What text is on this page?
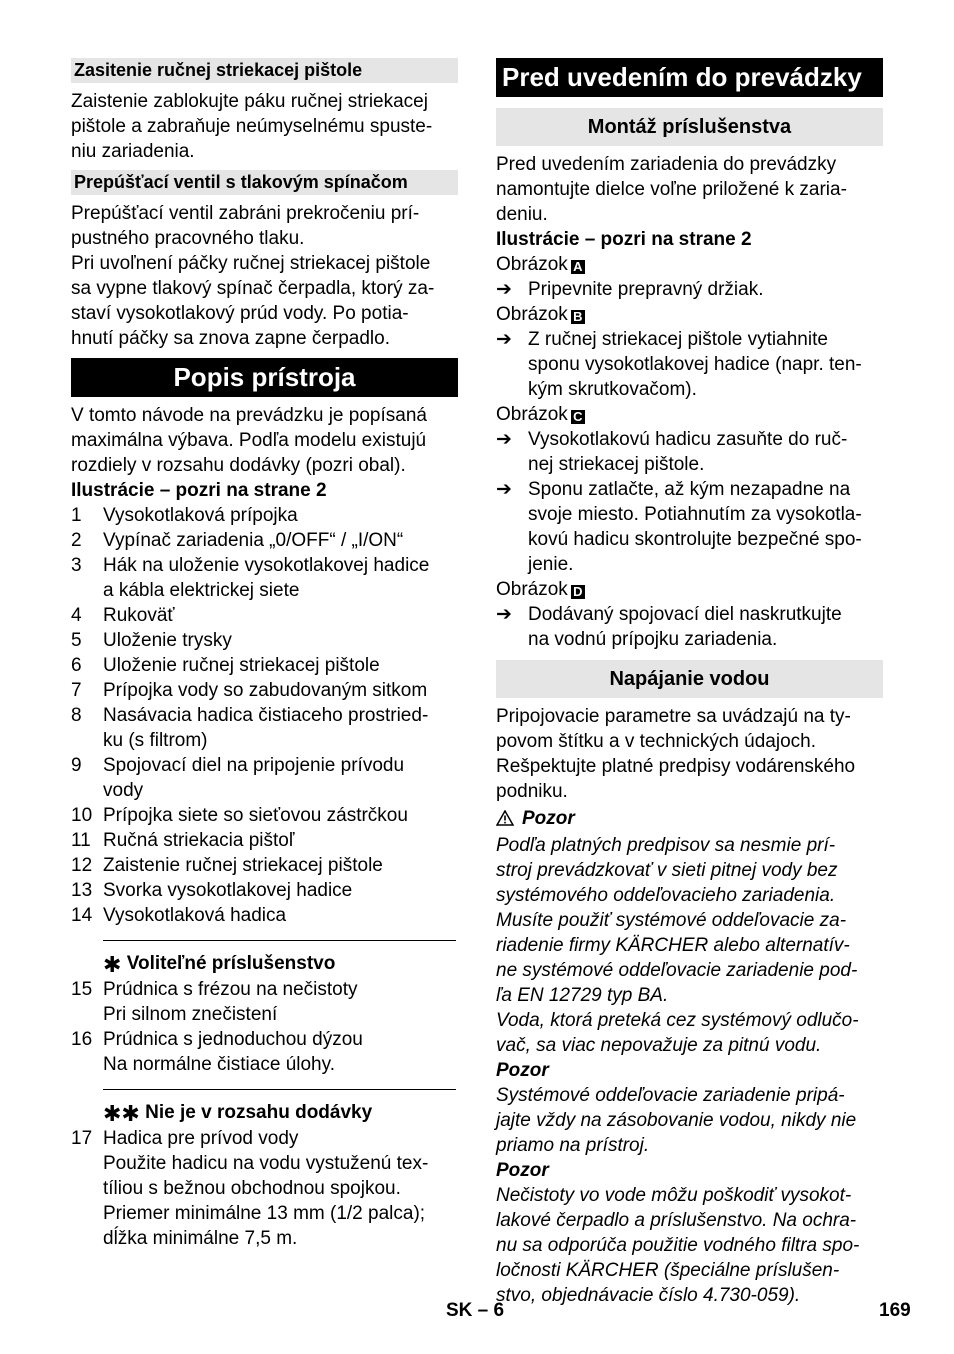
Zasitenie ručnej striekacej pištole
Zaistenie zablokujte páku ručnej striekacej
pištole a zabraňuje neúmyselnému spuste-
niu zariadenia.
Prepúšťací ventil s tlakovým spínačom
Prepúšťací ventil zabráni prekročeniu prí-
pustného pracovného tlaku.
Pri uvoľnení páčky ručnej striekacej pištole
sa vypne tlakový spínač čerpadla, ktorý za-
staví vysokotlakový prúd vody. Po potia-
hnutí páčky sa znova zapne čerpadlo.
Popis prístroja
V tomto návode na prevádzku je popísaná
maximálna výbava. Podľa modelu existujú
rozdiely v rozsahu dodávky (pozri obal).
Ilustrácie – pozri na strane 2
1	Vysokotlaková prípojka
2	Vypínač zariadenia „0/OFF“ / „I/ON“
3	Hák na uloženie vysokotlakovej hadice
a kábla elektrickej siete
4	Rukoväť
5	Uloženie trysky
6	Uloženie ručnej striekacej pištole
7	Prípojka vody so zabudovaným sitkom
8	Nasávacia hadica čistiaceho prostried-
ku (s filtrom)
9	Spojovací diel na pripojenie prívodu
vody
10 Prípojka siete so sieťovou zástrčkou
11 Ručná striekacia pištoľ
12 Zaistenie ručnej striekacej pištole
13 Svorka vysokotlakovej hadice
14 Vysokotlaková hadica
✱ Voliteľné príslušenstvo
15 Prúdnica s frézou na nečistoty
Pri silnom znečistení
16 Prúdnica s jednoduchou dýzou
Na normálne čistiace úlohy.
✱✱ Nie je v rozsahu dodávky
17 Hadica pre prívod vody
Použite hadicu na vodu vystuženú tex-
tíliou s bežnou obchodnou spojkou.
Priemer minimálne 13 mm (1/2 palca);
dĺžka minimálne 7,5 m.
Pred uvedením do prevádzky
Montáž príslušenstva
Pred uvedením zariadenia do prevádzky
namontujte dielce voľne priložené k zaria-
deniu.
Ilustrácie – pozri na strane 2
Obrázok A
➔ Pripevnite prepravný držiak.
Obrázok B
➔ Z ručnej striekacej pištole vytiahnite
sponu vysokotlakovej hadice (napr. ten-
kým skrutkovačom).
Obrázok C
➔ Vysokotlakovú hadicu zasuňte do ruč-
nej striekacej pištole.
➔ Sponu zatlačte, až kým nezapadne na
svoje miesto. Potiahnutím za vysokotla-
kovú hadicu skontrolujte bezpečné spo-
jenie.
Obrázok D
➔ Dodávaný spojovací diel naskrutkujte
na vodnú prípojku zariadenia.
Napájanie vodou
Pripojovacie parametre sa uvádzajú na ty-
povom štítku a v technických údajoch.
Rešpektujte platné predpisy vodárenského
podniku.
Pozor
Podľa platných predpisov sa nesmie prí-
stroj prevádzkovať v sieti pitnej vody bez
systémového oddeľovacieho zariadenia.
Musíte použiť systémové oddeľovacie za-
riadenie firmy KÄRCHER alebo alternatív-
ne systémové oddeľovacie zariadenie pod-
ľa EN 12729 typ BA.
Voda, ktorá preteká cez systémový odlučo-
vač, sa viac nepovažuje za pitnú vodu.
Pozor
Systémové oddeľovacie zariadenie pripá-
jajte vždy na zásobovanie vodou, nikdy nie
priamo na prístroj.
Pozor
Nečistoty vo vode môžu poškodiť vysokot-
lakové čerpadlo a príslušenstvo. Na ochra-
nu sa odporúča použitie vodného filtra spo-
ločnosti KÄRCHER (špeciálne príslušen-
stvo, objednávacie číslo 4.730-059).
SK – 6	169
